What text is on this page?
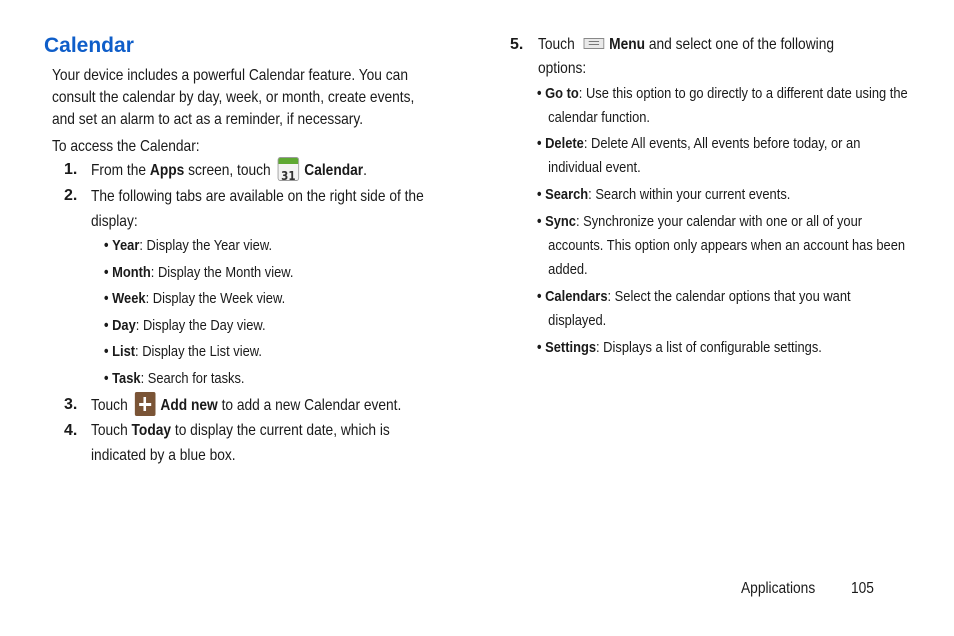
Calendar
Your device includes a powerful Calendar feature. You can
consult the calendar by day, week, or month, create events,
and set an alarm to act as a reminder, if necessary.
To access the Calendar:
1. From the Apps screen, touch 31 Calendar.
2. The following tabs are available on the right side of the
display:
• Year: Display the Year view.
• Month: Display the Month view.
• Week: Display the Week view.
• Day: Display the Day view.
• List: Display the List view.
• Task: Search for tasks.
3. Touch Add new to add a new Calendar event.
4. Touch Today to display the current date, which is
indicated by a blue box.
5. Touch Menu and select one of the following
options:
• Go to: Use this option to go directly to a different date using the
calendar function.
• Delete: Delete All events, All events before today, or an
individual event.
• Search: Search within your current events.
• Sync: Synchronize your calendar with one or all of your
accounts. This option only appears when an account has been
added.
• Calendars: Select the calendar options that you want
displayed.
• Settings: Displays a list of configurable settings.
Applications 105
